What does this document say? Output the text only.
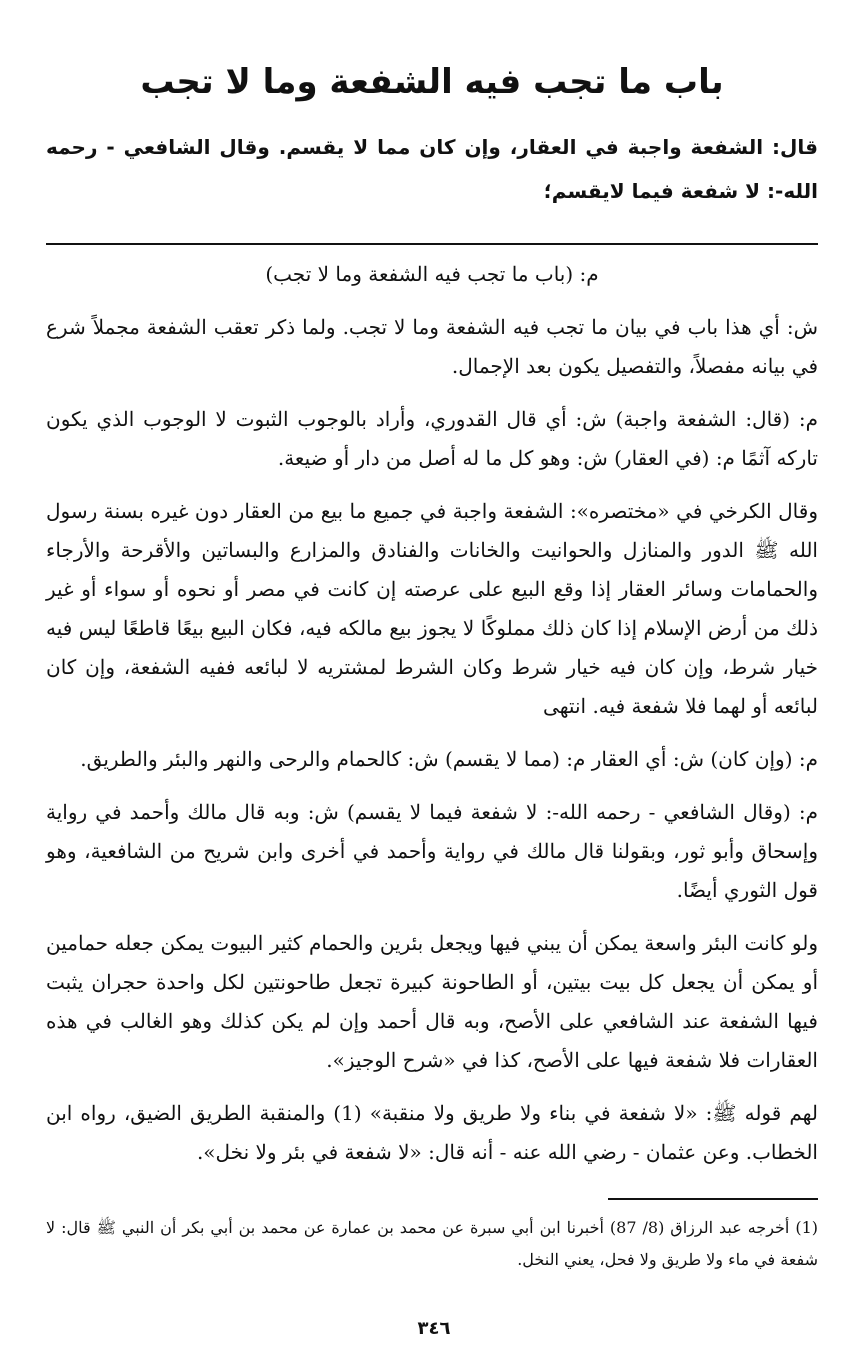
باب ما تجب فيه الشفعة وما لا تجب

قال: الشفعة واجبة في العقار، وإن كان مما لا يقسم. وقال الشافعي - رحمه الله-: لا شفعة فيما لايقسم؛

م: (باب ما تجب فيه الشفعة وما لا تجب)

ش: أي هذا باب في بيان ما تجب فيه الشفعة وما لا تجب. ولما ذكر تعقب الشفعة مجملاً شرع في بيانه مفصلاً، والتفصيل يكون بعد الإجمال.

م: (قال: الشفعة واجبة) ش: أي قال القدوري، وأراد بالوجوب الثبوت لا الوجوب الذي يكون تاركه آثمًا م: (في العقار) ش: وهو كل ما له أصل من دار أو ضيعة.

وقال الكرخي في «مختصره»: الشفعة واجبة في جميع ما بيع من العقار دون غيره بسنة رسول الله ﷺ الدور والمنازل والحوانيت والخانات والفنادق والمزارع والبساتين والأقرحة والأرجاء والحمامات وسائر العقار إذا وقع البيع على عرصته إن كانت في مصر أو نحوه أو سواء أو غير ذلك من أرض الإسلام إذا كان ذلك مملوكًا لا يجوز بيع مالكه فيه، فكان البيع بيعًا قاطعًا ليس فيه خيار شرط، وإن كان فيه خيار شرط وكان الشرط لمشتريه لا لبائعه ففيه الشفعة، وإن كان لبائعه أو لهما فلا شفعة فيه. انتهى

م: (وإن كان) ش: أي العقار م: (مما لا يقسم) ش: كالحمام والرحى والنهر والبئر والطريق.

م: (وقال الشافعي - رحمه الله-: لا شفعة فيما لا يقسم) ش: وبه قال مالك وأحمد في رواية وإسحاق وأبو ثور، وبقولنا قال مالك في رواية وأحمد في أخرى وابن شريح من الشافعية، وهو قول الثوري أيضًا.

ولو كانت البئر واسعة يمكن أن يبني فيها ويجعل بئرين والحمام كثير البيوت يمكن جعله حمامين أو يمكن أن يجعل كل بيت بيتين، أو الطاحونة كبيرة تجعل طاحونتين لكل واحدة حجران يثبت فيها الشفعة عند الشافعي على الأصح، وبه قال أحمد وإن لم يكن كذلك وهو الغالب في هذه العقارات فلا شفعة فيها على الأصح، كذا في «شرح الوجيز».

لهم قوله ﷺ: «لا شفعة في بناء ولا طريق ولا منقبة» (1) والمنقبة الطريق الضيق، رواه ابن الخطاب. وعن عثمان - رضي الله عنه - أنه قال: «لا شفعة في بئر ولا نخل».

(1) أخرجه عبد الرزاق (8/ 87) أخبرنا ابن أبي سبرة عن محمد بن عمارة عن محمد بن أبي بكر أن النبي ﷺ قال: لا شفعة في ماء ولا طريق ولا فحل، يعني النخل.

٣٤٦
